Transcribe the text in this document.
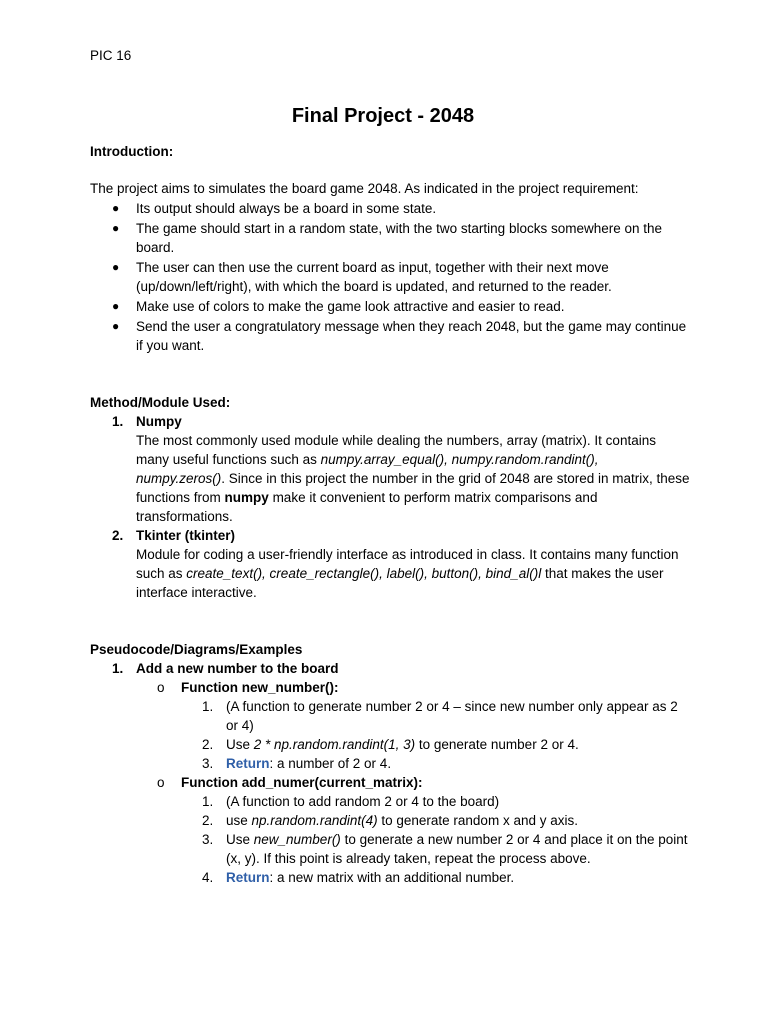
PIC 16
Final Project - 2048
Introduction:
The project aims to simulates the board game 2048. As indicated in the project requirement:
● Its output should always be a board in some state.
● The game should start in a random state, with the two starting blocks somewhere on the board.
● The user can then use the current board as input, together with their next move (up/down/left/right), with which the board is updated, and returned to the reader.
● Make use of colors to make the game look attractive and easier to read.
● Send the user a congratulatory message when they reach 2048, but the game may continue if you want.
Method/Module Used:
1. Numpy
The most commonly used module while dealing the numbers, array (matrix). It contains many useful functions such as numpy.array_equal(), numpy.random.randint(), numpy.zeros(). Since in this project the number in the grid of 2048 are stored in matrix, these functions from numpy make it convenient to perform matrix comparisons and transformations.
2. Tkinter (tkinter)
Module for coding a user-friendly interface as introduced in class. It contains many function such as create_text(), create_rectangle(), label(), button(), bind_al()l that makes the user interface interactive.
Pseudocode/Diagrams/Examples
1. Add a new number to the board
o Function new_number():
1. (A function to generate number 2 or 4 – since new number only appear as 2 or 4)
2. Use 2 * np.random.randint(1, 3) to generate number 2 or 4.
3. Return: a number of 2 or 4.
o Function add_numer(current_matrix):
1. (A function to add random 2 or 4 to the board)
2. use np.random.randint(4) to generate random x and y axis.
3. Use new_number() to generate a new number 2 or 4 and place it on the point (x, y). If this point is already taken, repeat the process above.
4. Return: a new matrix with an additional number.
